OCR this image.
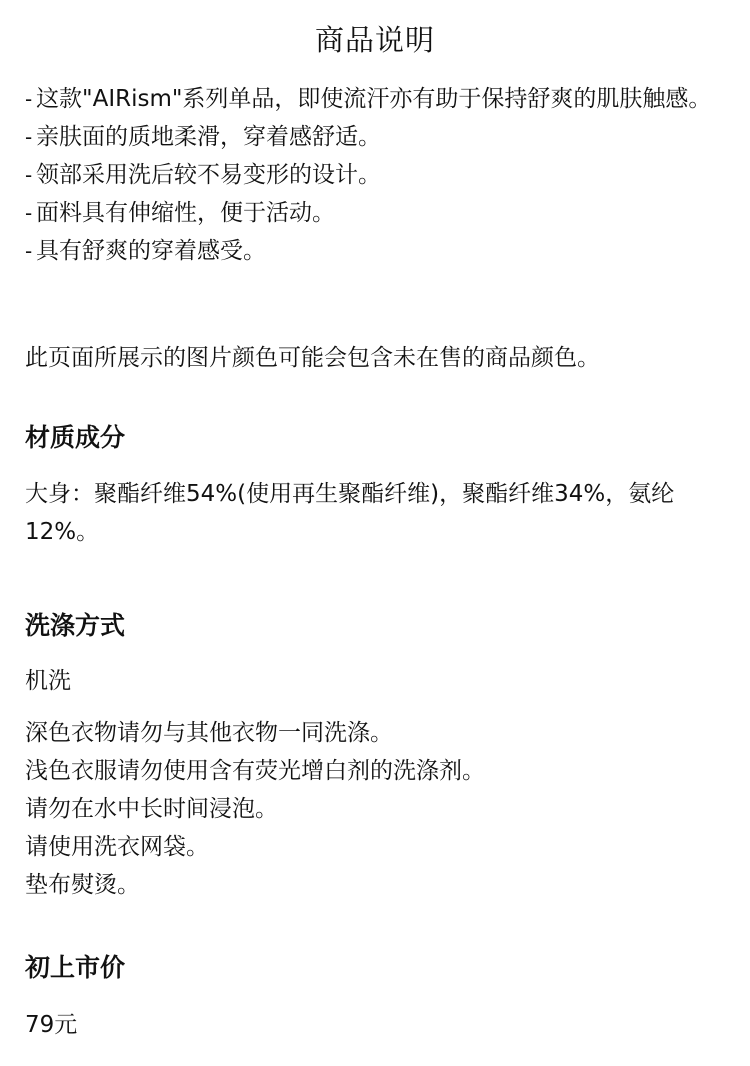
商品说明
- 这款"AIRism"系列单品，即使流汗亦有助于保持舒爽的肌肤触感。
- 亲肤面的质地柔滑，穿着感舒适。
- 领部采用洗后较不易变形的设计。
- 面料具有伸缩性，便于活动。
- 具有舒爽的穿着感受。
此页面所展示的图片颜色可能会包含未在售的商品颜色。
材质成分
大身：聚酯纤维54%(使用再生聚酯纤维)，聚酯纤维34%，氨纶12%。
洗涤方式
机洗
深色衣物请勿与其他衣物一同洗涤。
浅色衣服请勿使用含有荧光增白剂的洗涤剂。
请勿在水中长时间浸泡。
请使用洗衣网袋。
垫布熨烫。
初上市价
79元
